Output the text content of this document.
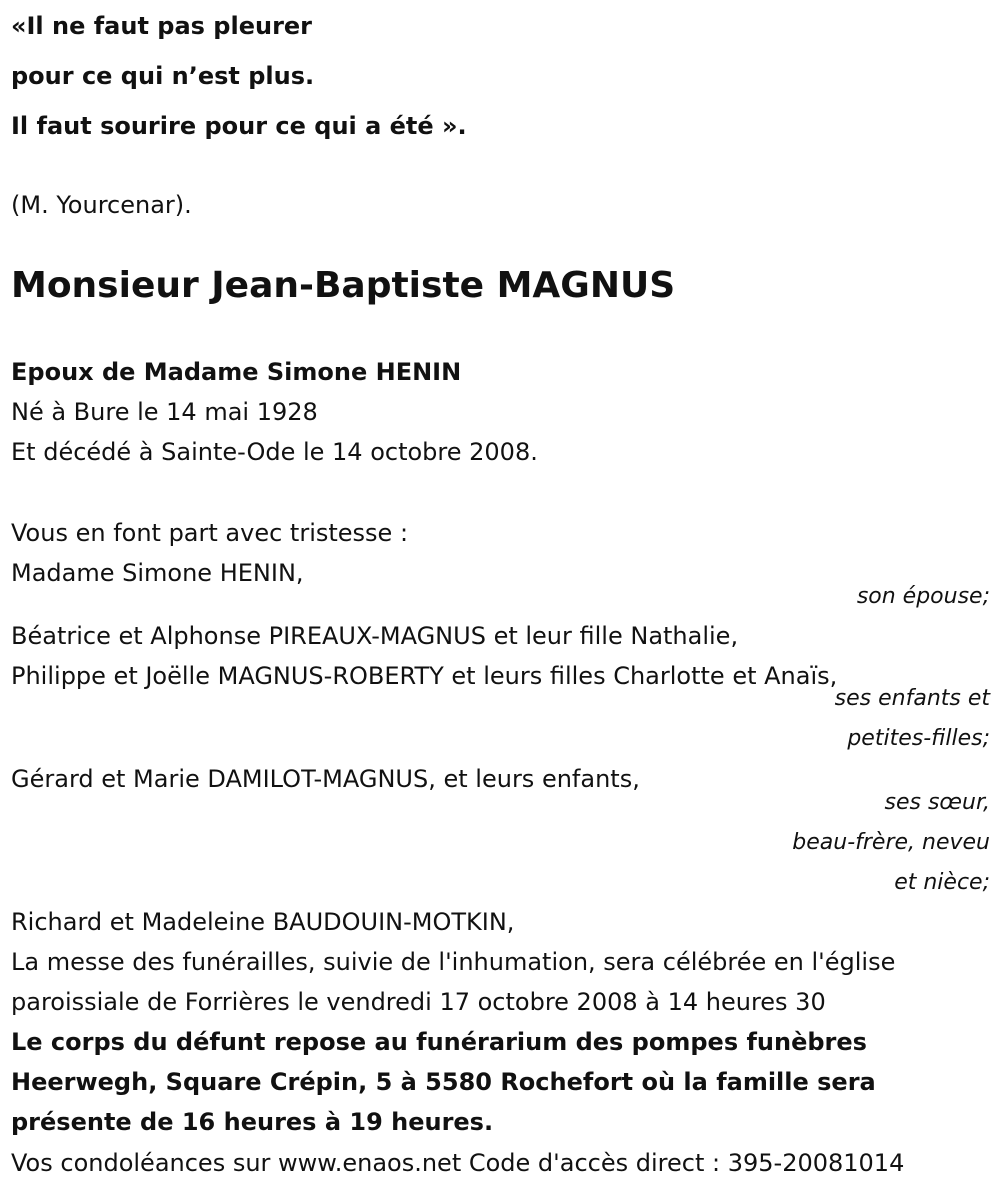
«Il ne faut pas pleurer
pour ce qui n’est plus.
Il faut sourire pour ce qui a été ».
(M. Yourcenar).
Monsieur Jean-Baptiste MAGNUS
Epoux de Madame Simone HENIN
Né à Bure le 14 mai 1928
Et décédé à Sainte-Ode le 14 octobre 2008.
Vous en font part avec tristesse :
Madame Simone HENIN,
son épouse;
Béatrice et Alphonse PIREAUX-MAGNUS et leur fille Nathalie,
Philippe et Joëlle MAGNUS-ROBERTY et leurs filles Charlotte et Anaïs,
ses enfants et
petites-filles;
Gérard et Marie DAMILOT-MAGNUS, et leurs enfants,
ses sœur,
beau-frère, neveu
et nièce;
Richard et Madeleine BAUDOUIN-MOTKIN,
La messe des funérailles, suivie de l'inhumation, sera célébrée en l'église
paroissiale de Forrières le vendredi 17 octobre 2008 à 14 heures 30
Le corps du défunt repose au funérarium des pompes funèbres
Heerwegh, Square Crépin, 5 à 5580 Rochefort où la famille sera
présente de 16 heures à 19 heures.
Vos condoléances sur www.enaos.net Code d'accès direct : 395-20081014
